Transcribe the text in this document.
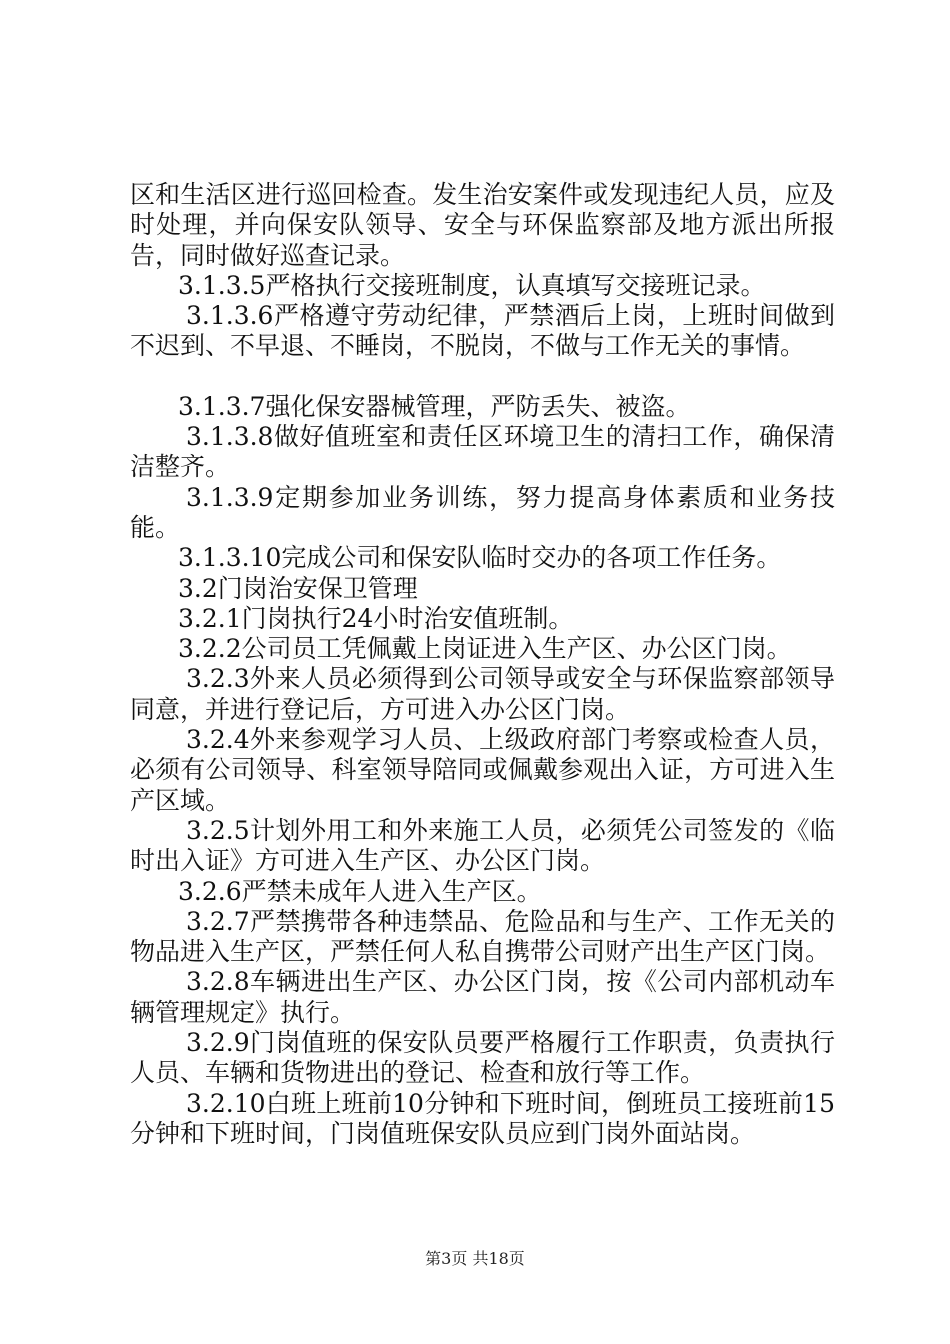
区和生活区进行巡回检查。发生治安案件或发现违纪人员，应及时处理，并向保安队领导、安全与环保监察部及地方派出所报告，同时做好巡查记录。

3.1.3.5严格执行交接班制度，认真填写交接班记录。

3.1.3.6严格遵守劳动纪律，严禁酒后上岗，上班时间做到不迟到、不早退、不睡岗，不脱岗，不做与工作无关的事情。

3.1.3.7强化保安器械管理，严防丢失、被盗。

3.1.3.8做好值班室和责任区环境卫生的清扫工作，确保清洁整齐。

3.1.3.9定期参加业务训练，努力提高身体素质和业务技能。

3.1.3.10完成公司和保安队临时交办的各项工作任务。

3.2门岗治安保卫管理

3.2.1门岗执行24小时治安值班制。

3.2.2公司员工凭佩戴上岗证进入生产区、办公区门岗。

3.2.3外来人员必须得到公司领导或安全与环保监察部领导同意，并进行登记后，方可进入办公区门岗。

3.2.4外来参观学习人员、上级政府部门考察或检查人员，必须有公司领导、科室领导陪同或佩戴参观出入证，方可进入生产区域。

3.2.5计划外用工和外来施工人员，必须凭公司签发的《临时出入证》方可进入生产区、办公区门岗。

3.2.6严禁未成年人进入生产区。

3.2.7严禁携带各种违禁品、危险品和与生产、工作无关的物品进入生产区，严禁任何人私自携带公司财产出生产区门岗。

3.2.8车辆进出生产区、办公区门岗，按《公司内部机动车辆管理规定》执行。

3.2.9门岗值班的保安队员要严格履行工作职责，负责执行人员、车辆和货物进出的登记、检查和放行等工作。

3.2.10白班上班前10分钟和下班时间，倒班员工接班前15分钟和下班时间，门岗值班保安队员应到门岗外面站岗。

第3页 共18页
